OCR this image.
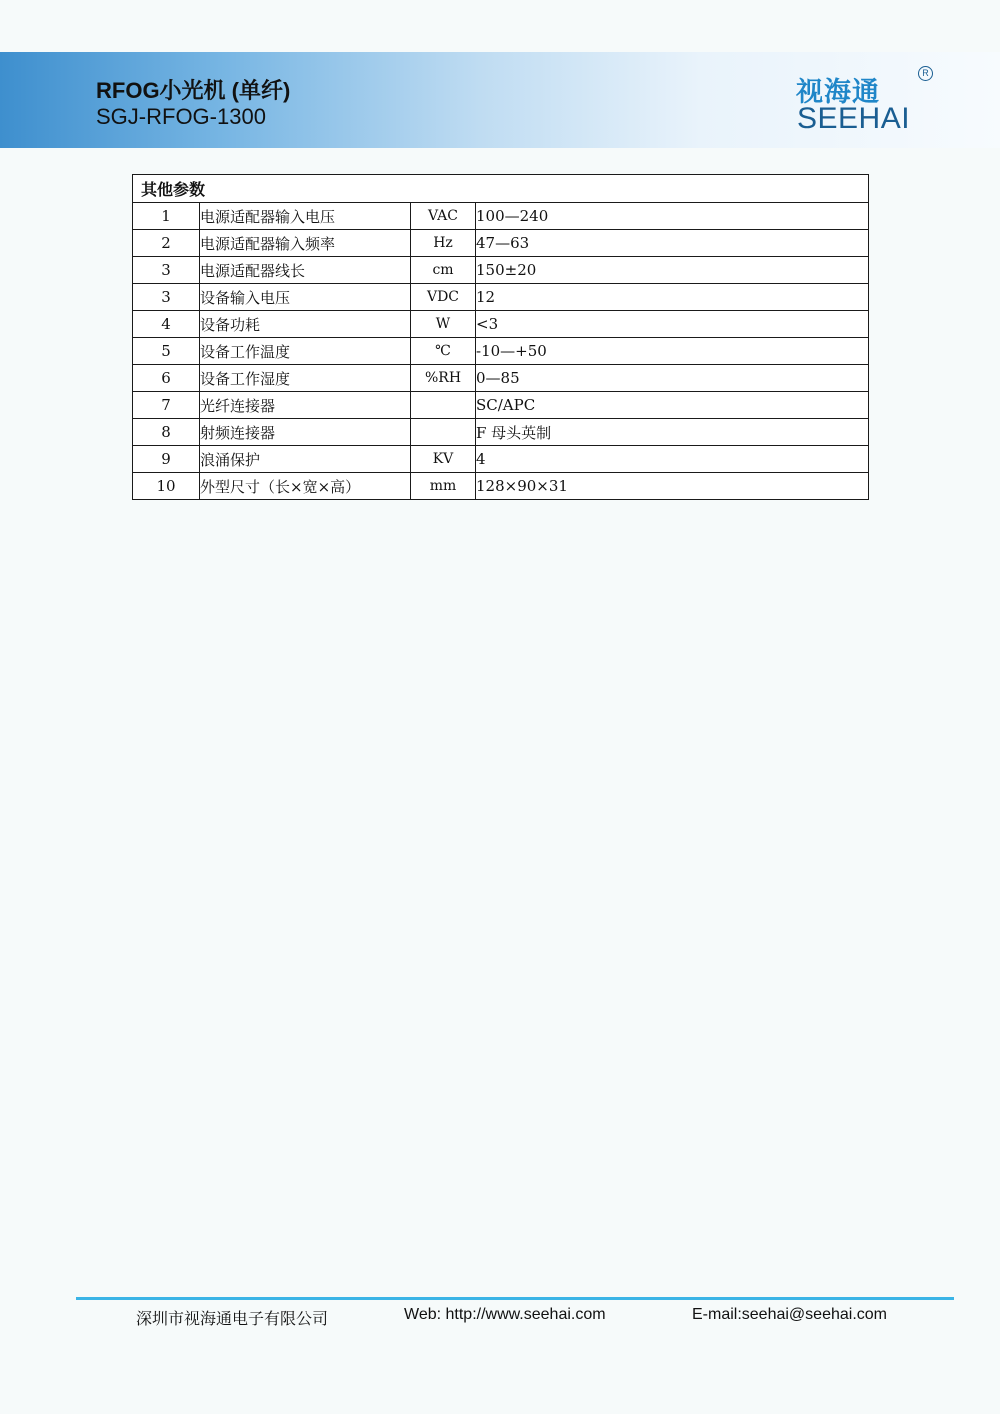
RFOG小光机 (单纤)
SGJ-RFOG-1300
视海通
SEEHAI
R
其他参数			
1	电源适配器输入电压	VAC	100—240
2	电源适配器输入频率	Hz	47—63
3	电源适配器线长	cm	150±20
3	设备输入电压	VDC	12
4	设备功耗	W	<3
5	设备工作温度	℃	-10—+50
6	设备工作湿度	%RH	0—85
7	光纤连接器		SC/APC
8	射频连接器		F 母头英制
9	浪涌保护	KV	4
10	外型尺寸（长×宽×高）	mm	128×90×31
深圳市视海通电子有限公司	Web: http://www.seehai.com	E-mail:seehai@seehai.com
